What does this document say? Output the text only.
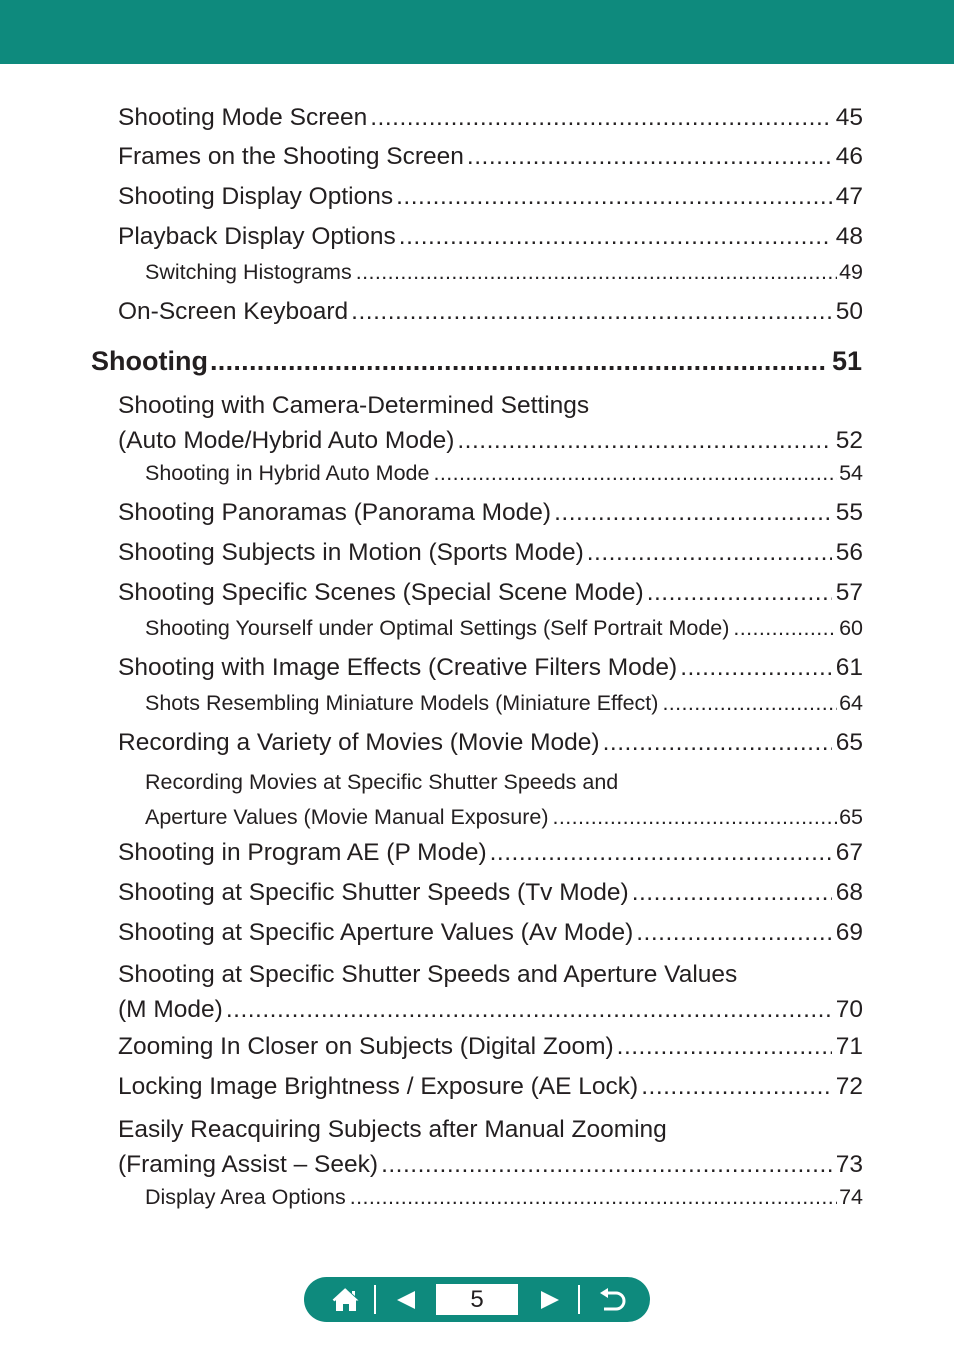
Shooting Mode Screen .....	45
Frames on the Shooting Screen .....	46
Shooting Display Options .....	47
Playback Display Options .....	48
Switching Histograms .....	49
On-Screen Keyboard .....	50
Shooting .....	51
Shooting with Camera-Determined Settings
(Auto Mode/Hybrid Auto Mode) .....	52
Shooting in Hybrid Auto Mode .....	54
Shooting Panoramas (Panorama Mode) .....	55
Shooting Subjects in Motion (Sports Mode) .....	56
Shooting Specific Scenes (Special Scene Mode) .....	57
Shooting Yourself under Optimal Settings (Self Portrait Mode) .....	60
Shooting with Image Effects (Creative Filters Mode) .....	61
Shots Resembling Miniature Models (Miniature Effect) .....	64
Recording a Variety of Movies (Movie Mode) .....	65
Recording Movies at Specific Shutter Speeds and
Aperture Values (Movie Manual Exposure) .....	65
Shooting in Program AE (P Mode) .....	67
Shooting at Specific Shutter Speeds (Tv Mode) .....	68
Shooting at Specific Aperture Values (Av Mode) .....	69
Shooting at Specific Shutter Speeds and Aperture Values
(M Mode) .....	70
Zooming In Closer on Subjects (Digital Zoom) .....	71
Locking Image Brightness / Exposure (AE Lock) .....	72
Easily Reacquiring Subjects after Manual Zooming
(Framing Assist – Seek) .....	73
Display Area Options .....	74
5
